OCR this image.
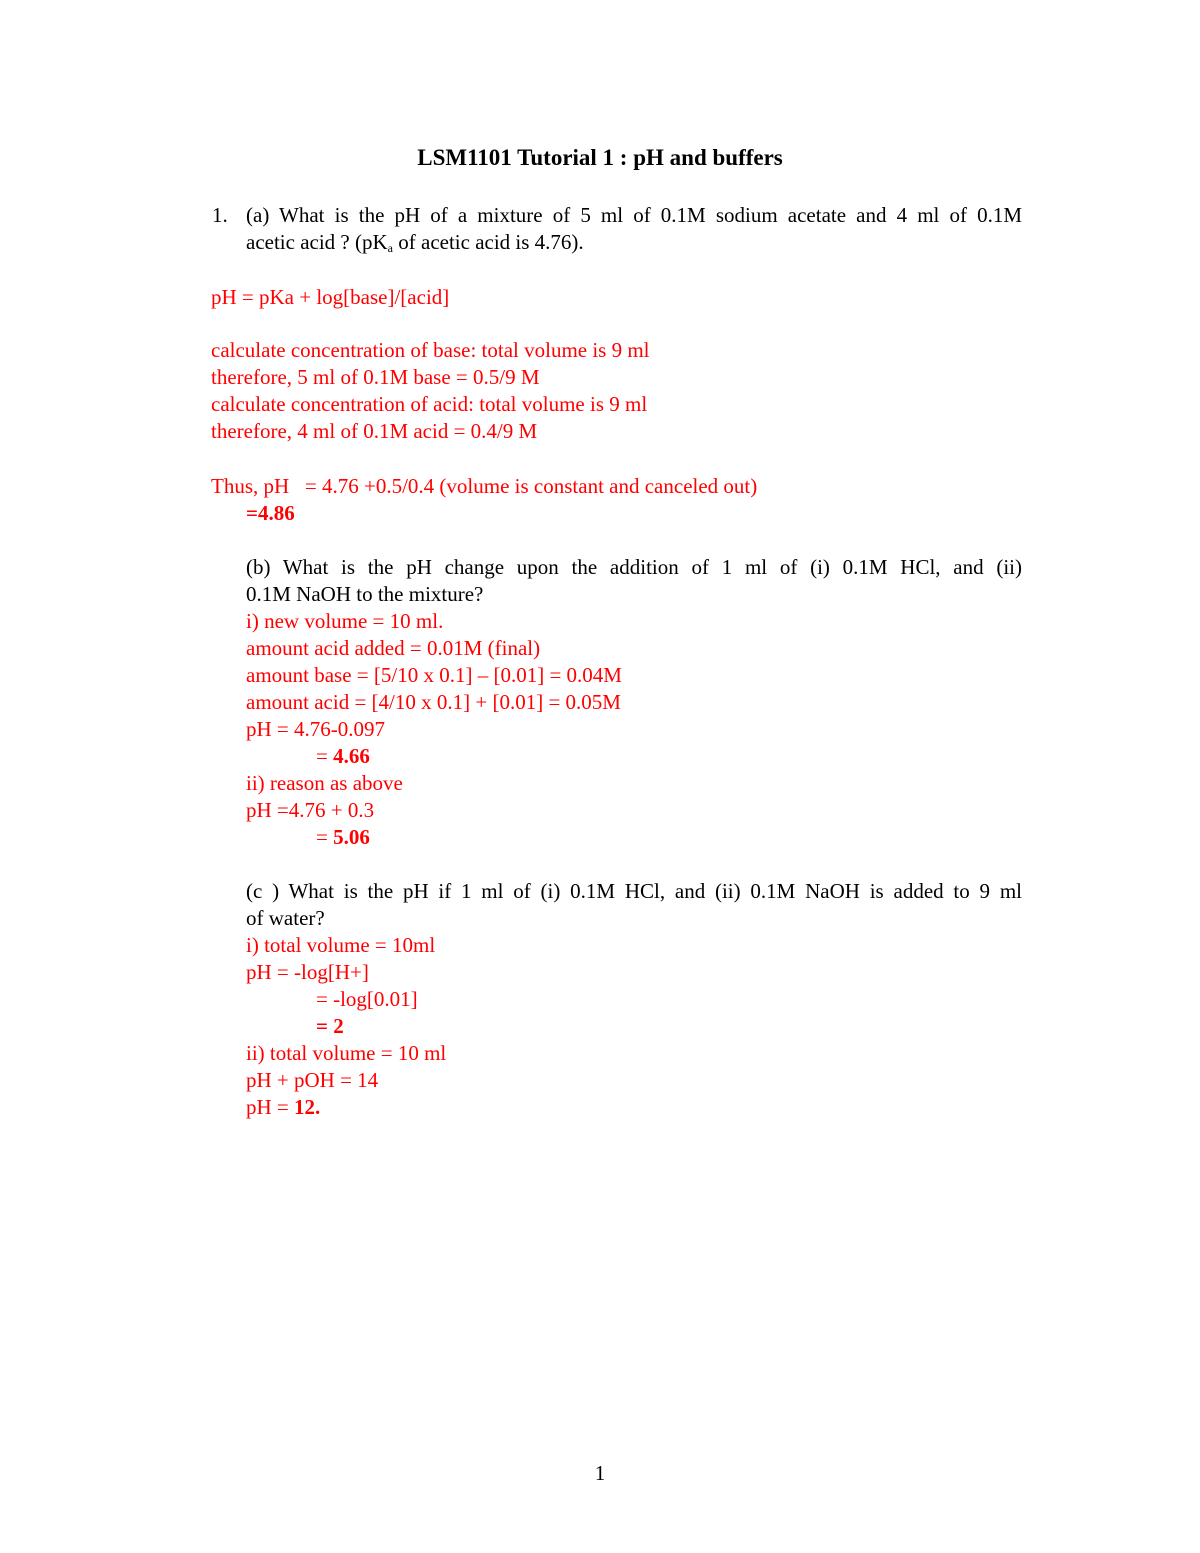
LSM1101 Tutorial 1 : pH and buffers
1. (a) What is the pH of a mixture of 5 ml of 0.1M sodium acetate and 4 ml of 0.1M
acetic acid ? ($pK_a$ of acetic acid is 4.76).
pH = pKa + log[base]/[acid]
calculate concentration of base: total volume is 9 ml
therefore, 5 ml of 0.1M base = 0.5/9 M
calculate concentration of acid: total volume is 9 ml
therefore, 4 ml of 0.1M acid = 0.4/9 M
Thus, pH   = 4.76 +0.5/0.4 (volume is constant and canceled out)
=4.86
(b) What is the pH change upon the addition of 1 ml of (i) 0.1M HCl, and (ii)
0.1M NaOH to the mixture?
i) new volume = 10 ml.
amount acid added = 0.01M (final)
amount base = [5/10 x 0.1] – [0.01] = 0.04M
amount acid = [4/10 x 0.1] + [0.01] = 0.05M
pH = 4.76-0.097
= 4.66
ii) reason as above
pH =4.76 + 0.3
= 5.06
(c ) What is the pH if 1 ml of (i) 0.1M HCl, and (ii) 0.1M NaOH is added to 9 ml
of water?
i) total volume = 10ml
pH = -log[H+]
= -log[0.01]
= 2
ii) total volume = 10 ml
pH + pOH = 14
pH = 12.
1
